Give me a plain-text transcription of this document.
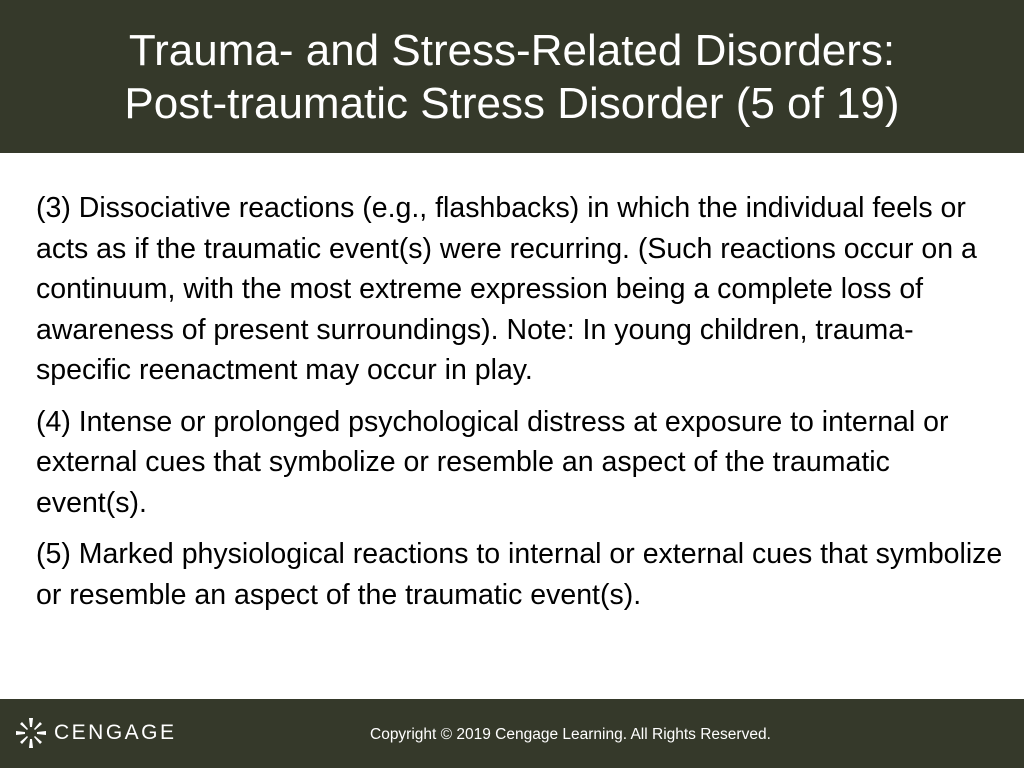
Trauma- and Stress-Related Disorders:
Post-traumatic Stress Disorder (5 of 19)

(3) Dissociative reactions (e.g., flashbacks) in which the individual feels or acts as if the traumatic event(s) were recurring. (Such reactions occur on a continuum, with the most extreme expression being a complete loss of awareness of present surroundings). Note: In young children, trauma-specific reenactment may occur in play.

(4) Intense or prolonged psychological distress at exposure to internal or external cues that symbolize or resemble an aspect of the traumatic event(s).

(5) Marked physiological reactions to internal or external cues that symbolize or resemble an aspect of the traumatic event(s).

CENGAGE	Copyright © 2019 Cengage Learning. All Rights Reserved.
